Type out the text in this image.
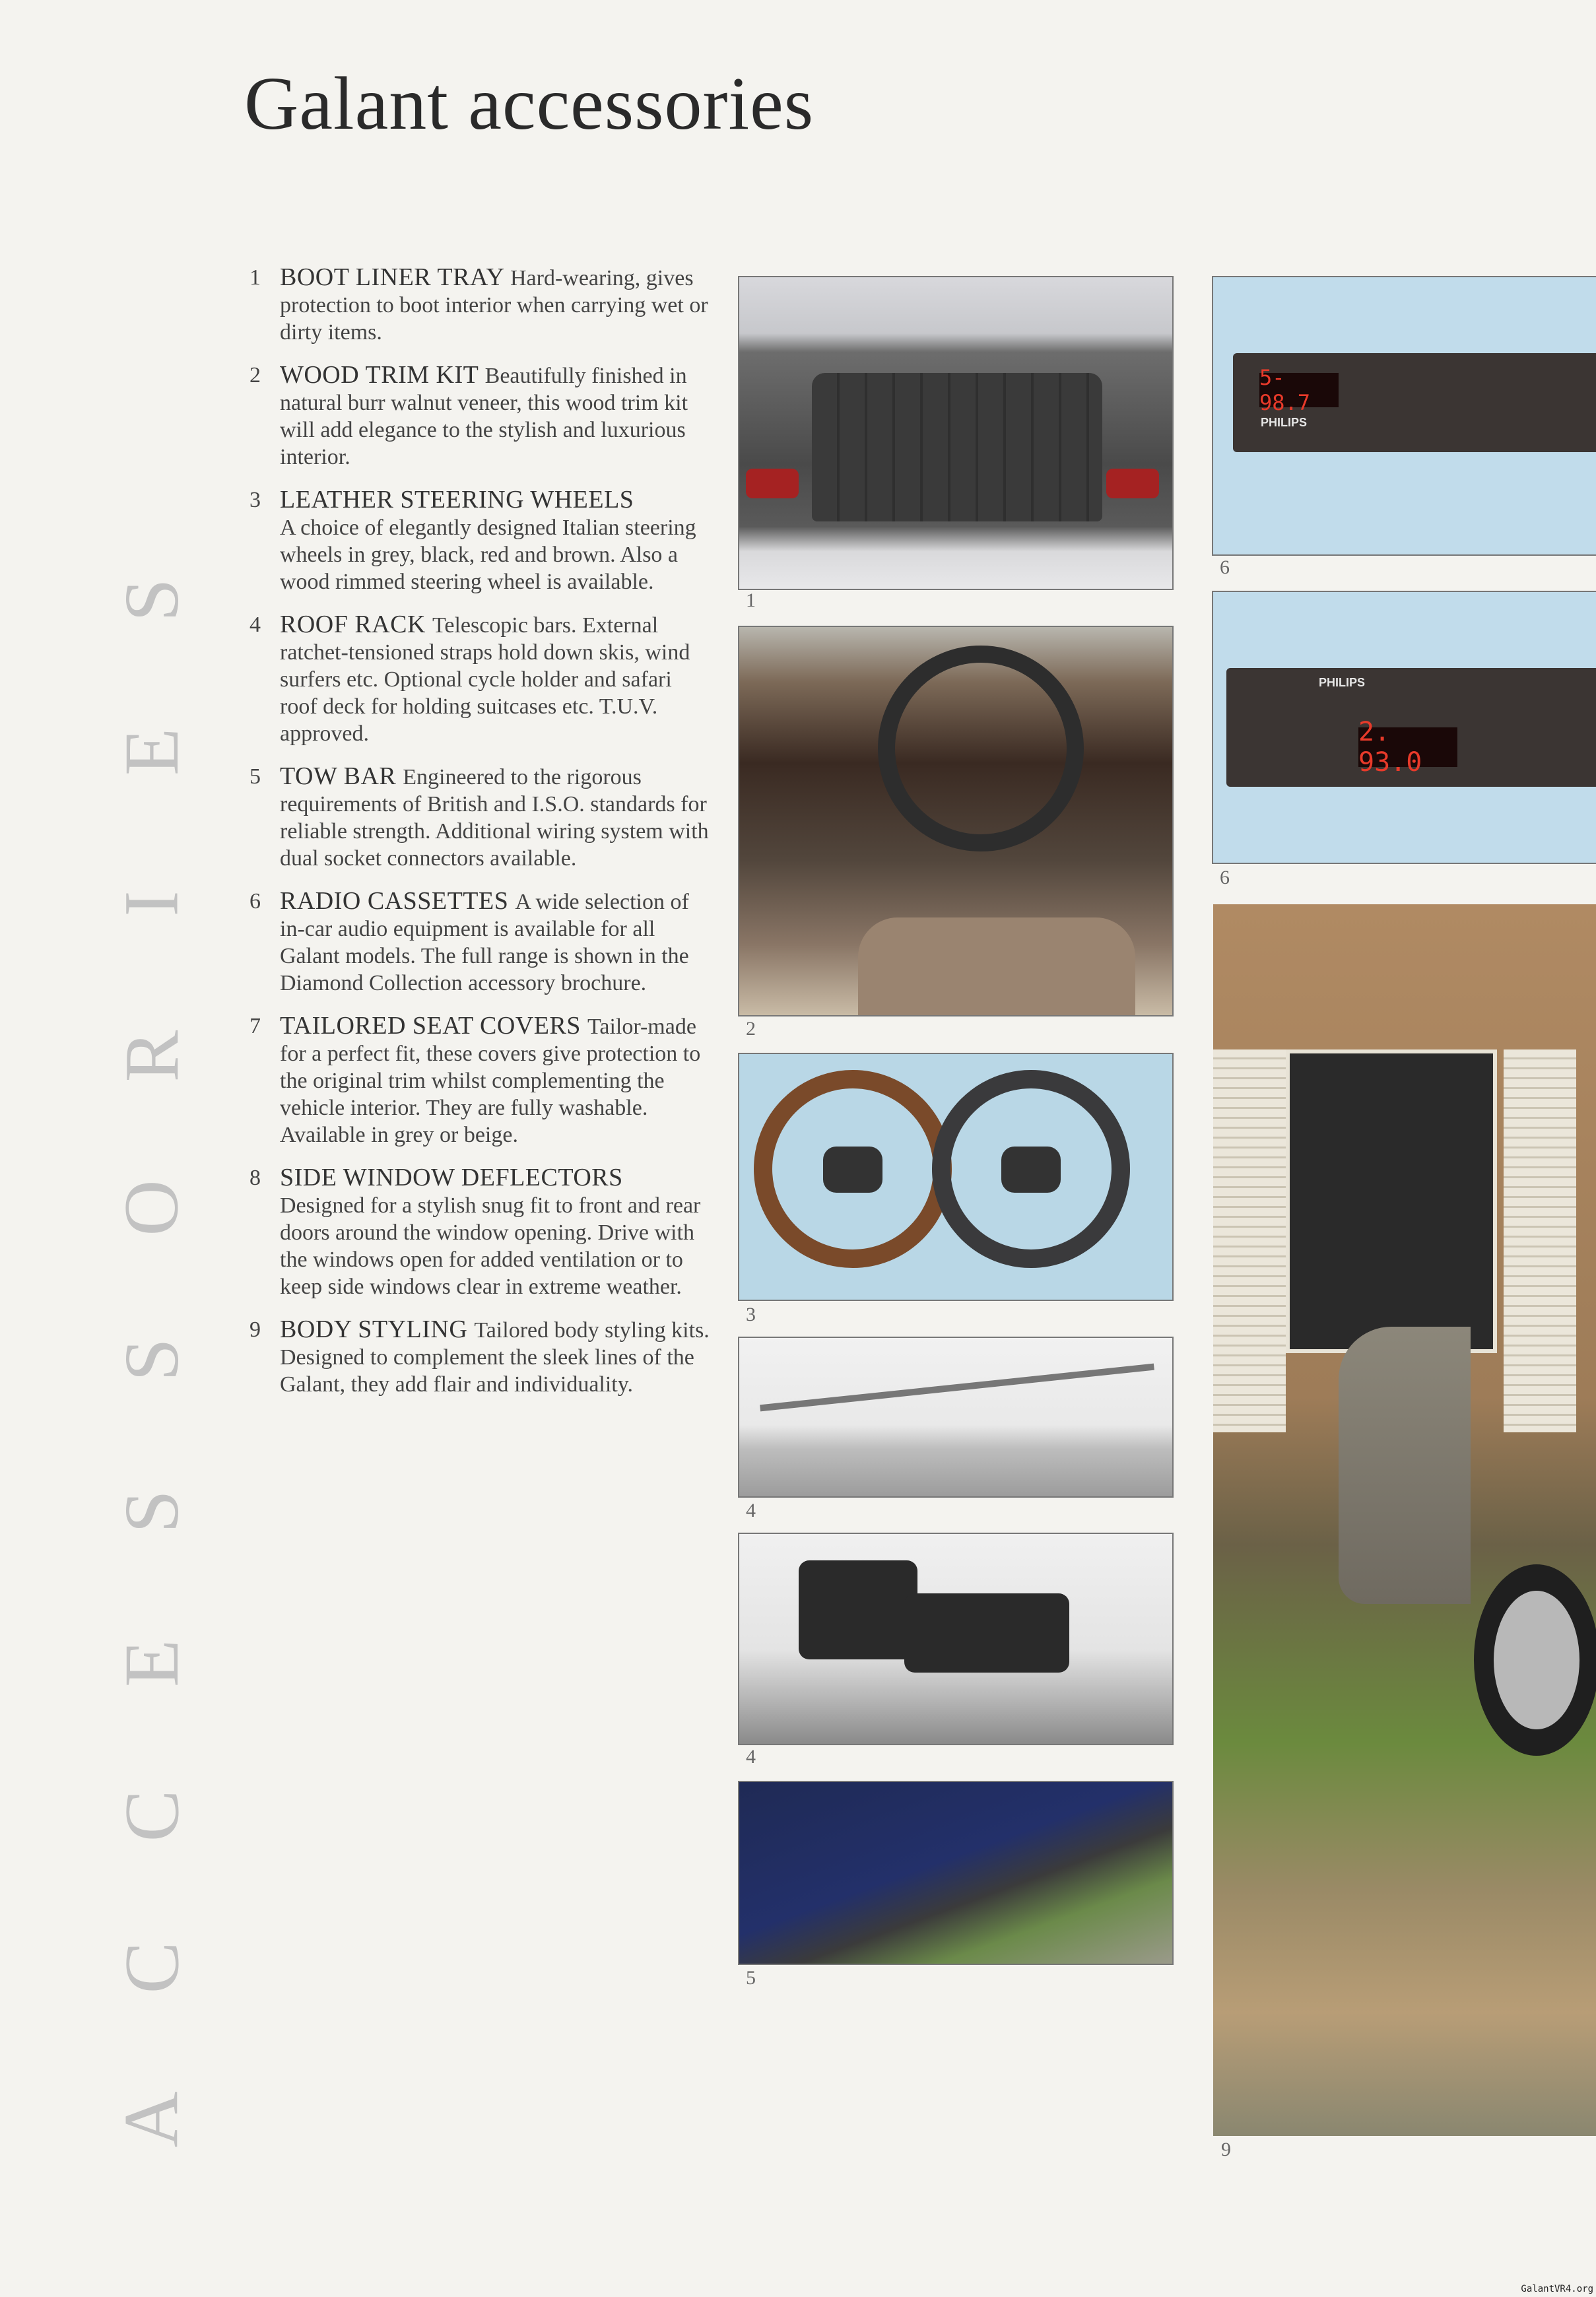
Galant accessories
A
C
C
E
S
S
O
R
I
E
S
1 BOOT LINER TRAY Hard-wearing, gives protection to boot interior when carrying wet or dirty items.
2 WOOD TRIM KIT Beautifully finished in natural burr walnut veneer, this wood trim kit will add elegance to the stylish and luxurious interior.
3 LEATHER STEERING WHEELS
A choice of elegantly designed Italian steering wheels in grey, black, red and brown. Also a wood rimmed steering wheel is available.
4 ROOF RACK Telescopic bars. External ratchet-tensioned straps hold down skis, wind surfers etc. Optional cycle holder and safari roof deck for holding suitcases etc. T.U.V. approved.
5 TOW BAR Engineered to the rigorous requirements of British and I.S.O. standards for reliable strength. Additional wiring system with dual socket connectors available.
6 RADIO CASSETTES A wide selection of in-car audio equipment is available for all Galant models. The full range is shown in the Diamond Collection accessory brochure.
7 TAILORED SEAT COVERS Tailor-made for a perfect fit, these covers give protection to the original trim whilst complementing the vehicle interior. They are fully washable. Available in grey or beige.
8 SIDE WINDOW DEFLECTORS
Designed for a stylish snug fit to front and rear doors around the window opening. Drive with the windows open for added ventilation or to keep side windows clear in extreme weather.
9 BODY STYLING Tailored body styling kits. Designed to complement the sleek lines of the Galant, they add flair and individuality.
1
2
3
4
4
5
5- 98.7
PHILIPS
6
PHILIPS
2. 93.0
6
9
GalantVR4.org
